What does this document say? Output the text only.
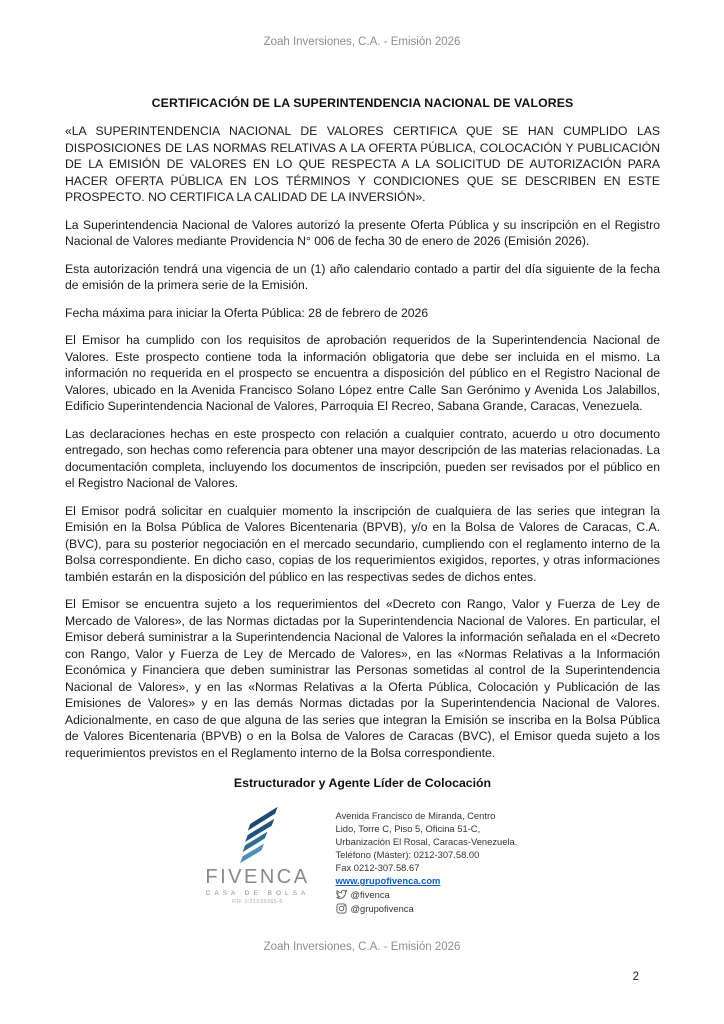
Zoah Inversiones, C.A. - Emisión 2026
CERTIFICACIÓN DE LA SUPERINTENDENCIA NACIONAL DE VALORES

«LA SUPERINTENDENCIA NACIONAL DE VALORES CERTIFICA QUE SE HAN CUMPLIDO LAS DISPOSICIONES DE LAS NORMAS RELATIVAS A LA OFERTA PÚBLICA, COLOCACIÓN Y PUBLICACIÓN DE LA EMISIÓN DE VALORES EN LO QUE RESPECTA A LA SOLICITUD DE AUTORIZACIÓN PARA HACER OFERTA PÚBLICA EN LOS TÉRMINOS Y CONDICIONES QUE SE DESCRIBEN EN ESTE PROSPECTO. NO CERTIFICA LA CALIDAD DE LA INVERSIÓN».

La Superintendencia Nacional de Valores autorizó la presente Oferta Pública y su inscripción en el Registro Nacional de Valores mediante Providencia N° 006 de fecha 30 de enero de 2026 (Emisión 2026).

Esta autorización tendrá una vigencia de un (1) año calendario contado a partir del día siguiente de la fecha de emisión de la primera serie de la Emisión.

Fecha máxima para iniciar la Oferta Pública: 28 de febrero de 2026

El Emisor ha cumplido con los requisitos de aprobación requeridos de la Superintendencia Nacional de Valores. Este prospecto contiene toda la información obligatoria que debe ser incluida en el mismo. La información no requerida en el prospecto se encuentra a disposición del público en el Registro Nacional de Valores, ubicado en la Avenida Francisco Solano López entre Calle San Gerónimo y Avenida Los Jalabillos, Edificio Superintendencia Nacional de Valores, Parroquia El Recreo, Sabana Grande, Caracas, Venezuela.

Las declaraciones hechas en este prospecto con relación a cualquier contrato, acuerdo u otro documento entregado, son hechas como referencia para obtener una mayor descripción de las materias relacionadas. La documentación completa, incluyendo los documentos de inscripción, pueden ser revisados por el público en el Registro Nacional de Valores.

El Emisor podrá solicitar en cualquier momento la inscripción de cualquiera de las series que integran la Emisión en la Bolsa Pública de Valores Bicentenaria (BPVB), y/o en la Bolsa de Valores de Caracas, C.A. (BVC), para su posterior negociación en el mercado secundario, cumpliendo con el reglamento interno de la Bolsa correspondiente. En dicho caso, copias de los requerimientos exigidos, reportes, y otras informaciones también estarán en la disposición del público en las respectivas sedes de dichos entes.

El Emisor se encuentra sujeto a los requerimientos del «Decreto con Rango, Valor y Fuerza de Ley de Mercado de Valores», de las Normas dictadas por la Superintendencia Nacional de Valores. En particular, el Emisor deberá suministrar a la Superintendencia Nacional de Valores la información señalada en el «Decreto con Rango, Valor y Fuerza de Ley de Mercado de Valores», en las «Normas Relativas a la Información Económica y Financiera que deben suministrar las Personas sometidas al control de la Superintendencia Nacional de Valores», y en las «Normas Relativas a la Oferta Pública, Colocación y Publicación de las Emisiones de Valores» y en las demás Normas dictadas por la Superintendencia Nacional de Valores. Adicionalmente, en caso de que alguna de las series que integran la Emisión se inscriba en la Bolsa Pública de Valores Bicentenaria (BPVB) o en la Bolsa de Valores de Caracas (BVC), el Emisor queda sujeto a los requerimientos previstos en el Reglamento interno de la Bolsa correspondiente.

Estructurador y Agente Líder de Colocación
FIVENCA
CASA DE BOLSA
RIF J-31039365-6
Avenida Francisco de Miranda, Centro
Lido, Torre C, Piso 5, Oficina 51-C,
Urbanización El Rosal, Caracas-Venezuela.
Teléfono (Máster): 0212-307.58.00
Fax 0212-307.58.67
www.grupofivenca.com
@fivenca
@grupofivenca
Zoah Inversiones, C.A. - Emisión 2026
2
